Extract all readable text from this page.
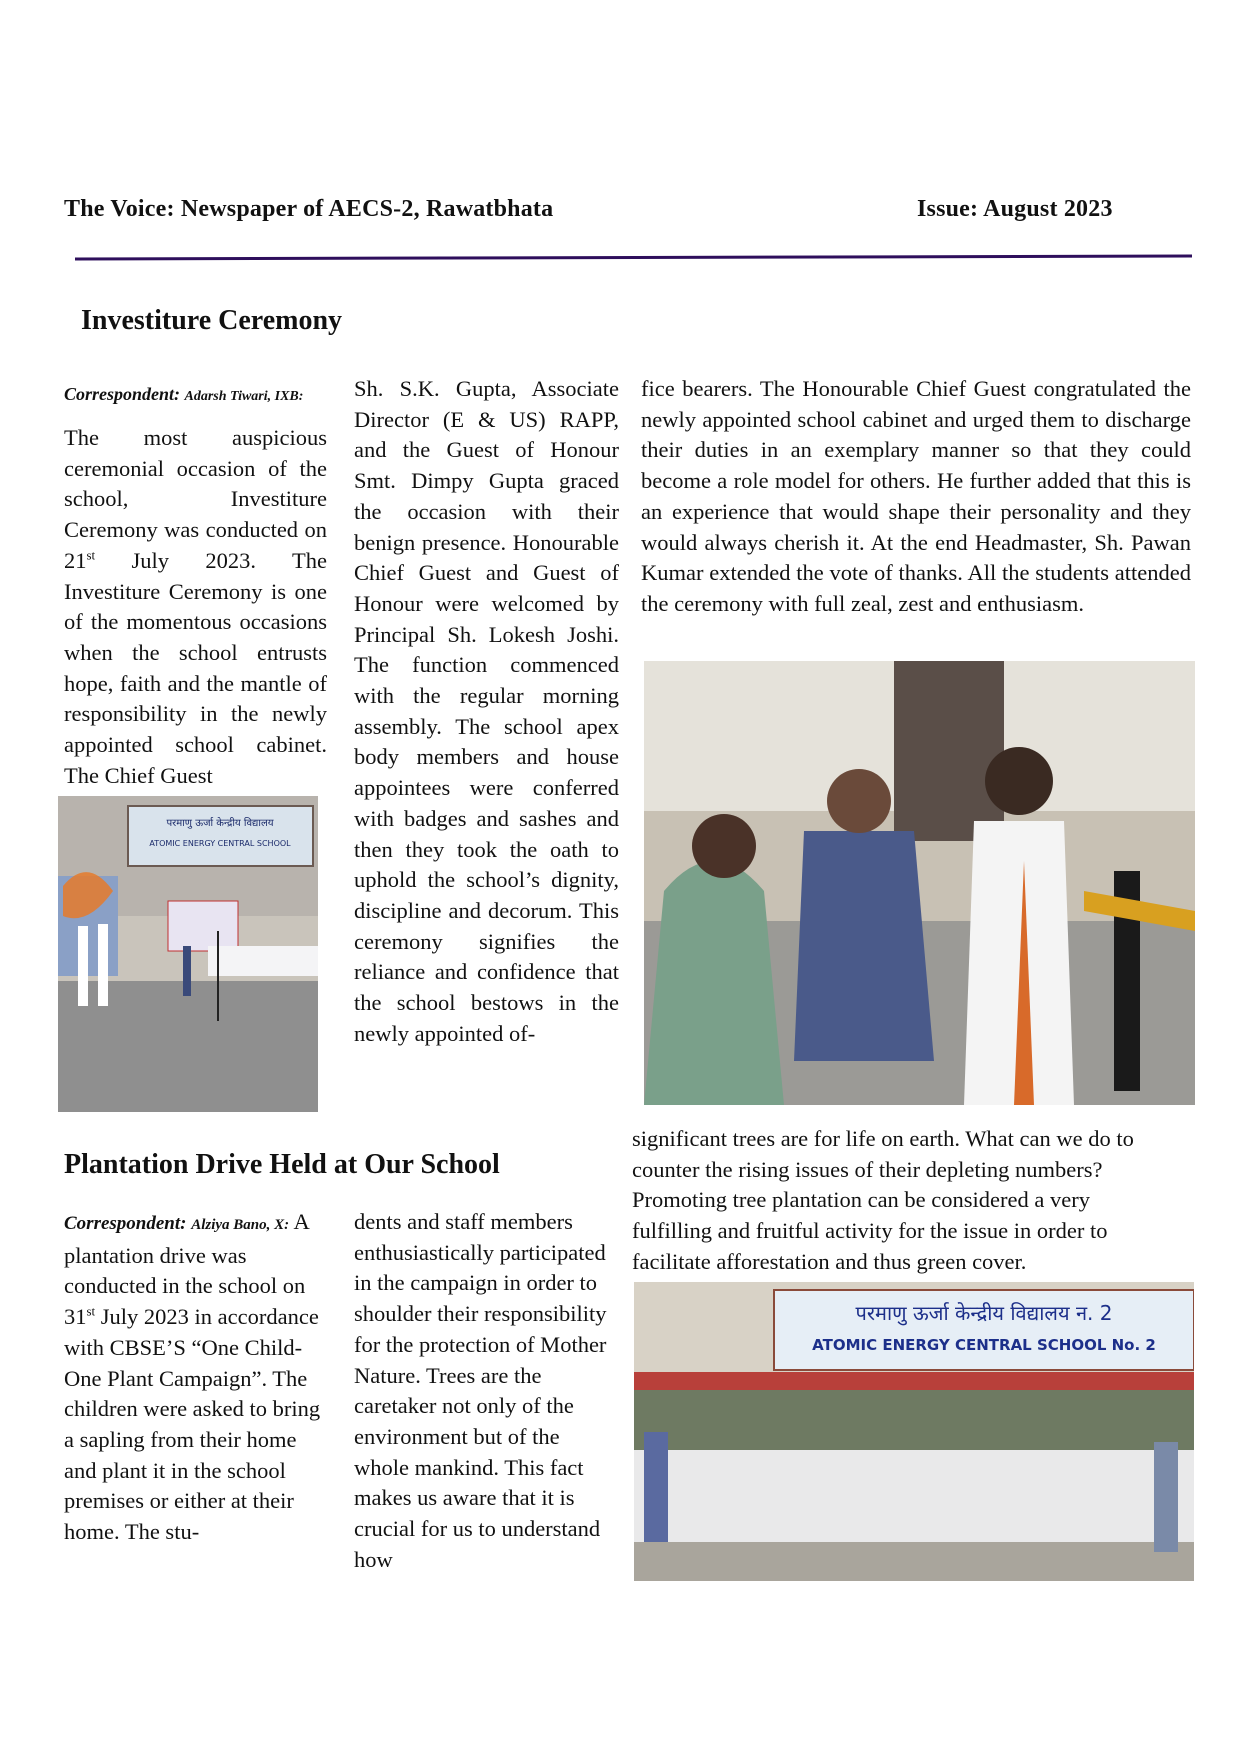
The Voice: Newspaper of AECS-2, Rawatbhata	Issue: August 2023
Investiture Ceremony
Correspondent: Adarsh Tiwari, IXB:
The most auspicious ceremonial occasion of the school, Investiture Ceremony was conducted on 21st July 2023. The Investiture Ceremony is one of the momentous occasions when the school entrusts hope, faith and the mantle of responsibility in the newly appointed school cabinet. The Chief Guest
Sh. S.K. Gupta, Associate Director (E & US) RAPP, and the Guest of Honour Smt. Dimpy Gupta graced the occasion with their benign presence. Honourable Chief Guest and Guest of Honour were welcomed by Principal Sh. Lokesh Joshi. The function commenced with the regular morning assembly. The school apex body members and house appointees were conferred with badges and sashes and then they took the oath to uphold the school’s dignity, discipline and decorum. This ceremony signifies the reliance and confidence that the school bestows in the newly appointed of-
fice bearers. The Honourable Chief Guest congratulated the newly appointed school cabinet and urged them to discharge their duties in an exemplary manner so that they could become a role model for others. He further added that this is an experience that would shape their personality and they would always cherish it. At the end Headmaster, Sh. Pawan Kumar extended the vote of thanks. All the students attended the ceremony with full zeal, zest and enthusiasm.
परमाणु ऊर्जा केन्द्रीय विद्यालय
ATOMIC ENERGY CENTRAL SCHOOL
Plantation Drive Held at Our School
Correspondent: Alziya Bano, X: A plantation drive was conducted in the school on 31st July 2023 in accordance with CBSE’S “One Child-One Plant Campaign”. The children were asked to bring a sapling from their home and plant it in the school premises or either at their home. The stu-
dents and staff members enthusiastically participated in the campaign in order to shoulder their responsibility for the protection of Mother Nature. Trees are the caretaker not only of the environment but of the whole mankind. This fact makes us aware that it is crucial for us to understand how
significant trees are for life on earth. What can we do to counter the rising issues of their depleting numbers? Promoting tree plantation can be considered a very fulfilling and fruitful activity for the issue in order to facilitate afforestation and thus green cover.
परमाणु ऊर्जा केन्द्रीय विद्यालय न. 2
ATOMIC ENERGY CENTRAL SCHOOL No. 2
